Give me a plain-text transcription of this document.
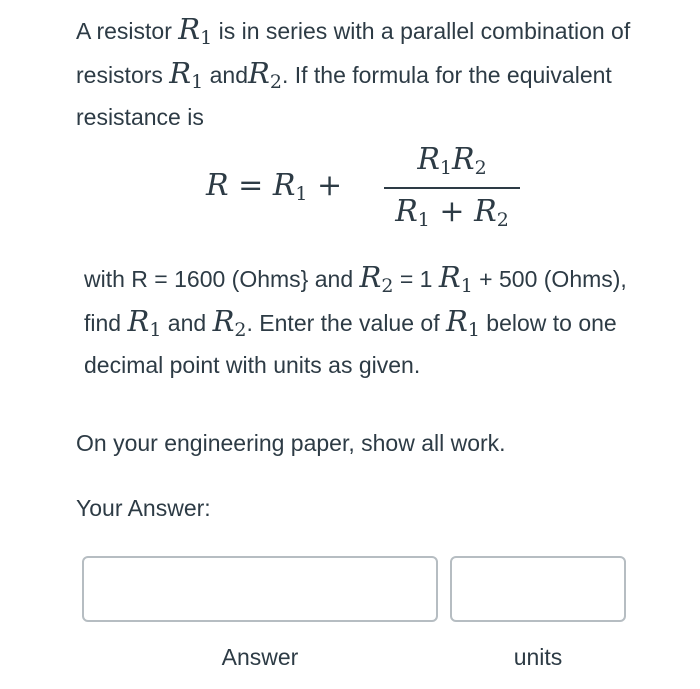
A resistor $R_1$ is in series with a parallel combination of resistors $R_1$ andR$_2$. If the formula for the equivalent resistance is

$R = R_1$ +
$R_1R_2$
$R_1 + R_2$

with R = 1600 (Ohms} and $R_2 = 1$ $R_1 + 500$ (Ohms), find $R_1$ and $R_2$. Enter the value of $R_1$ below to one decimal point with units as given.

On your engineering paper, show all work.
Your Answer:
Answer	units
